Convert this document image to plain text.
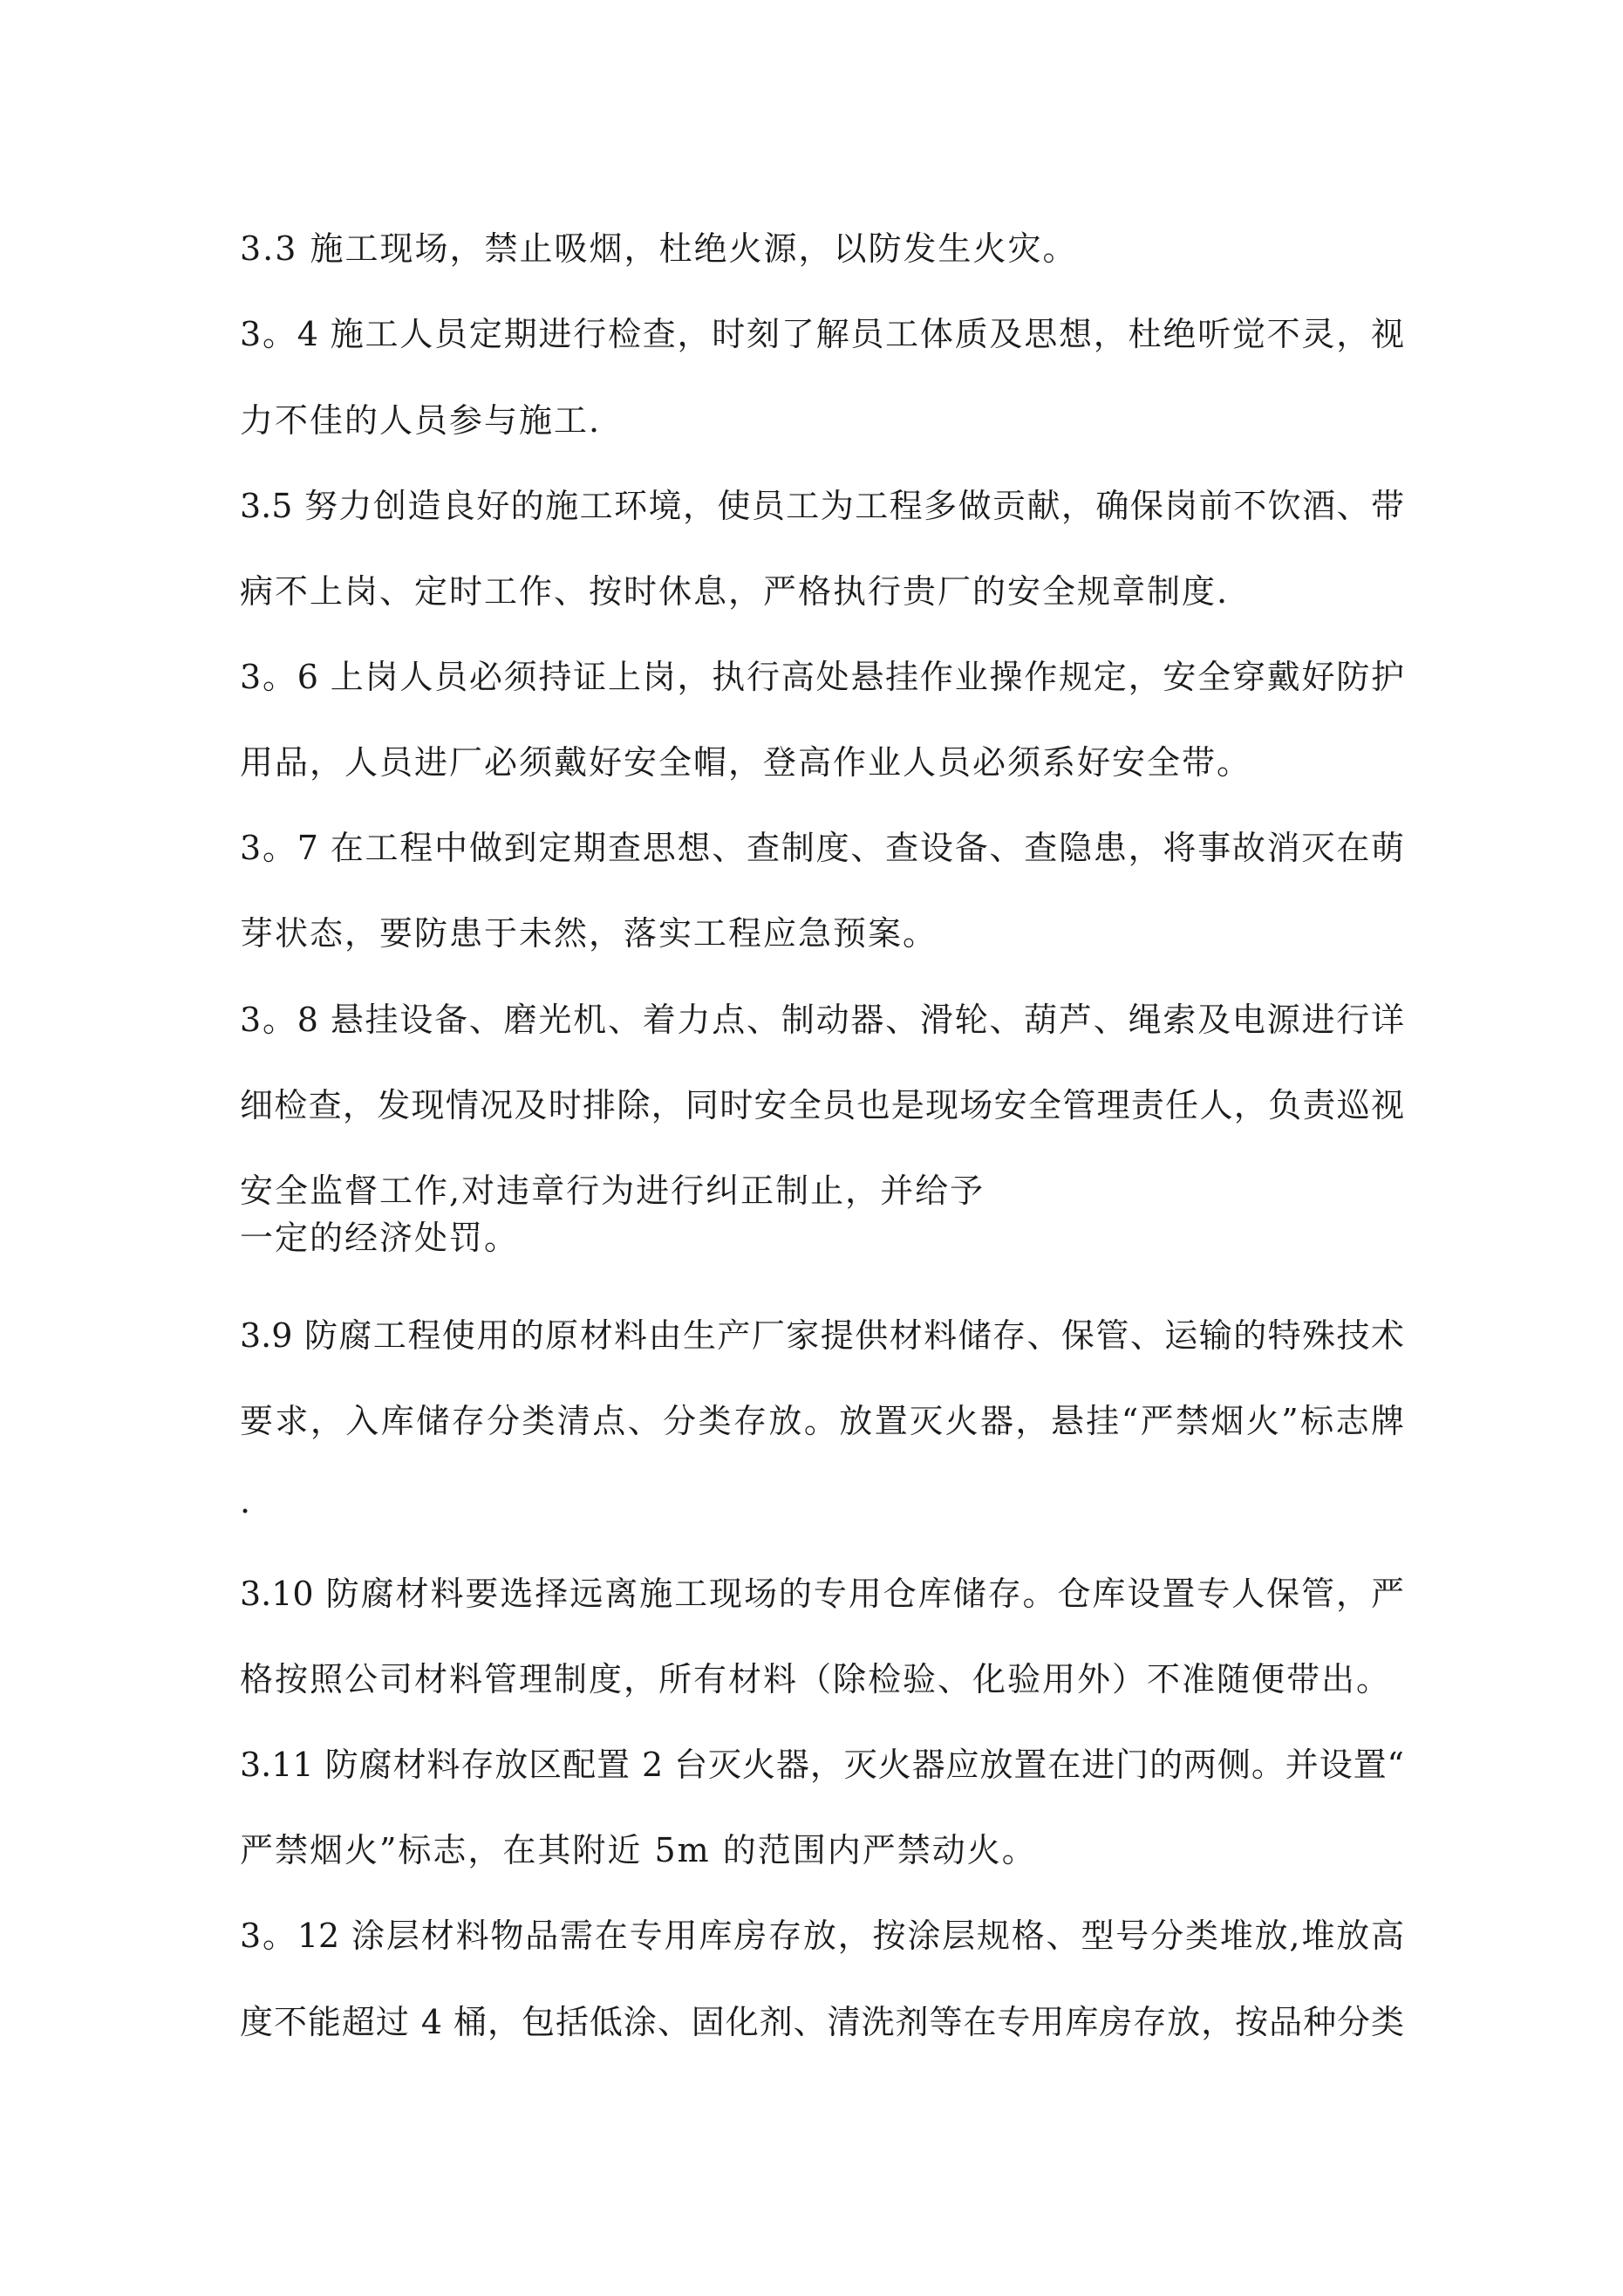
3.3 施工现场，禁止吸烟，杜绝火源，以防发生火灾。
3。4 施工人员定期进行检查，时刻了解员工体质及思想，杜绝听觉不灵，视
力不佳的人员参与施工.
3.5 努力创造良好的施工环境，使员工为工程多做贡献，确保岗前不饮酒、带
病不上岗、定时工作、按时休息，严格执行贵厂的安全规章制度.
3。6 上岗人员必须持证上岗，执行高处悬挂作业操作规定，安全穿戴好防护
用品，人员进厂必须戴好安全帽，登高作业人员必须系好安全带。
3。7 在工程中做到定期查思想、查制度、查设备、查隐患，将事故消灭在萌
芽状态，要防患于未然，落实工程应急预案。
3。8 悬挂设备、磨光机、着力点、制动器、滑轮、葫芦、绳索及电源进行详
细检查，发现情况及时排除，同时安全员也是现场安全管理责任人，负责巡视
安全监督工作,对违章行为进行纠正制止，并给予
一定的经济处罚。
3.9 防腐工程使用的原材料由生产厂家提供材料储存、保管、运输的特殊技术
要求，入库储存分类清点、分类存放。放置灭火器，悬挂“严禁烟火”标志牌
.
3.10 防腐材料要选择远离施工现场的专用仓库储存。仓库设置专人保管，严
格按照公司材料管理制度，所有材料（除检验、化验用外）不准随便带出。
3.11 防腐材料存放区配置 2 台灭火器，灭火器应放置在进门的两侧。并设置“
严禁烟火”标志，在其附近 5m 的范围内严禁动火。
3。12 涂层材料物品需在专用库房存放，按涂层规格、型号分类堆放,堆放高
度不能超过 4 桶，包括低涂、固化剂、清洗剂等在专用库房存放，按品种分类
